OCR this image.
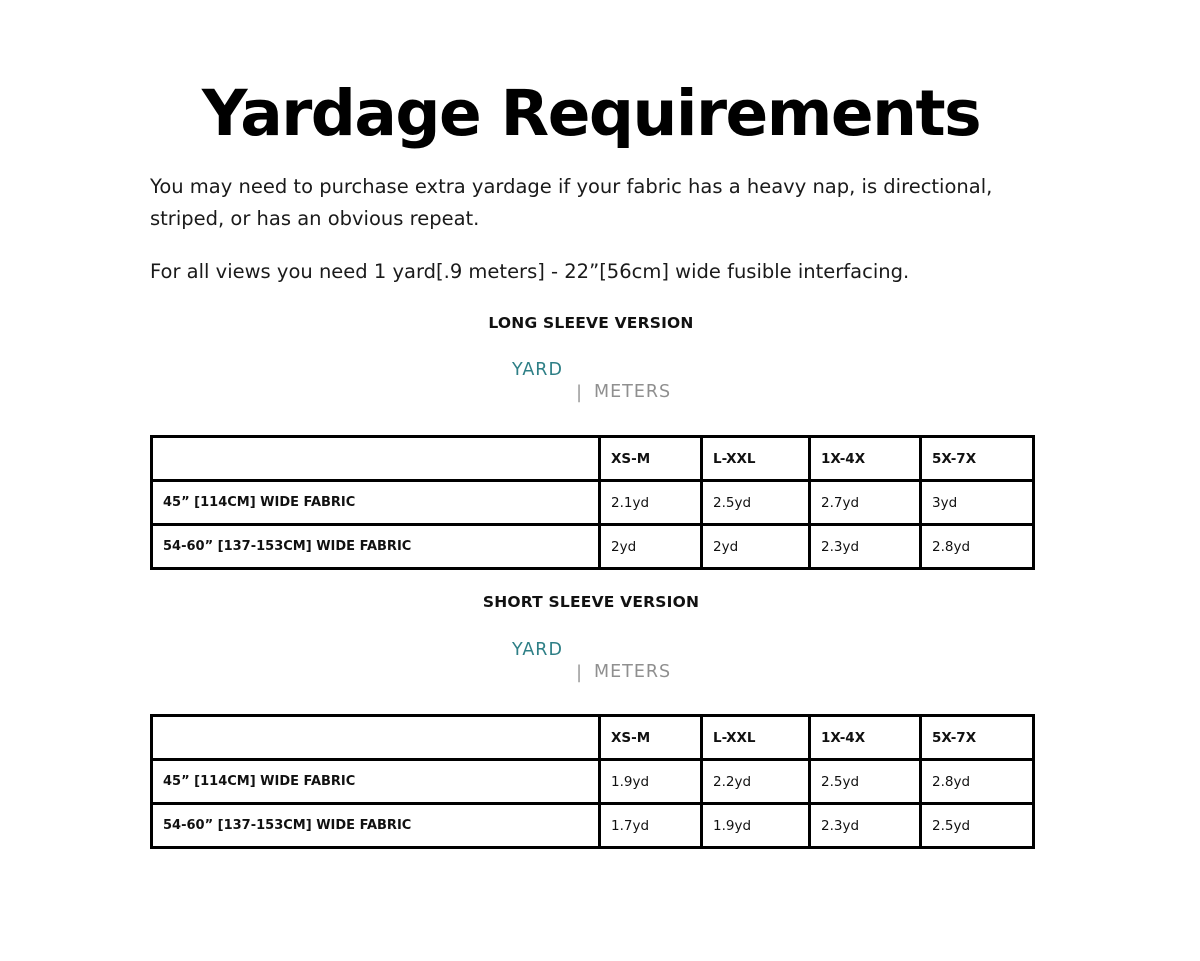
Yardage Requirements

You may need to purchase extra yardage if your fabric has a heavy nap, is directional, striped, or has an obvious repeat.

For all views you need 1 yard[.9 meters] - 22”[56cm] wide fusible interfacing.

LONG SLEEVE VERSION
YARD
| METERS
	XS-M	L-XXL	1X-4X	5X-7X
45” [114CM] WIDE FABRIC	2.1yd	2.5yd	2.7yd	3yd
54-60” [137-153CM] WIDE FABRIC	2yd	2yd	2.3yd	2.8yd
SHORT SLEEVE VERSION
YARD
| METERS
	XS-M	L-XXL	1X-4X	5X-7X
45” [114CM] WIDE FABRIC	1.9yd	2.2yd	2.5yd	2.8yd
54-60” [137-153CM] WIDE FABRIC	1.7yd	1.9yd	2.3yd	2.5yd
